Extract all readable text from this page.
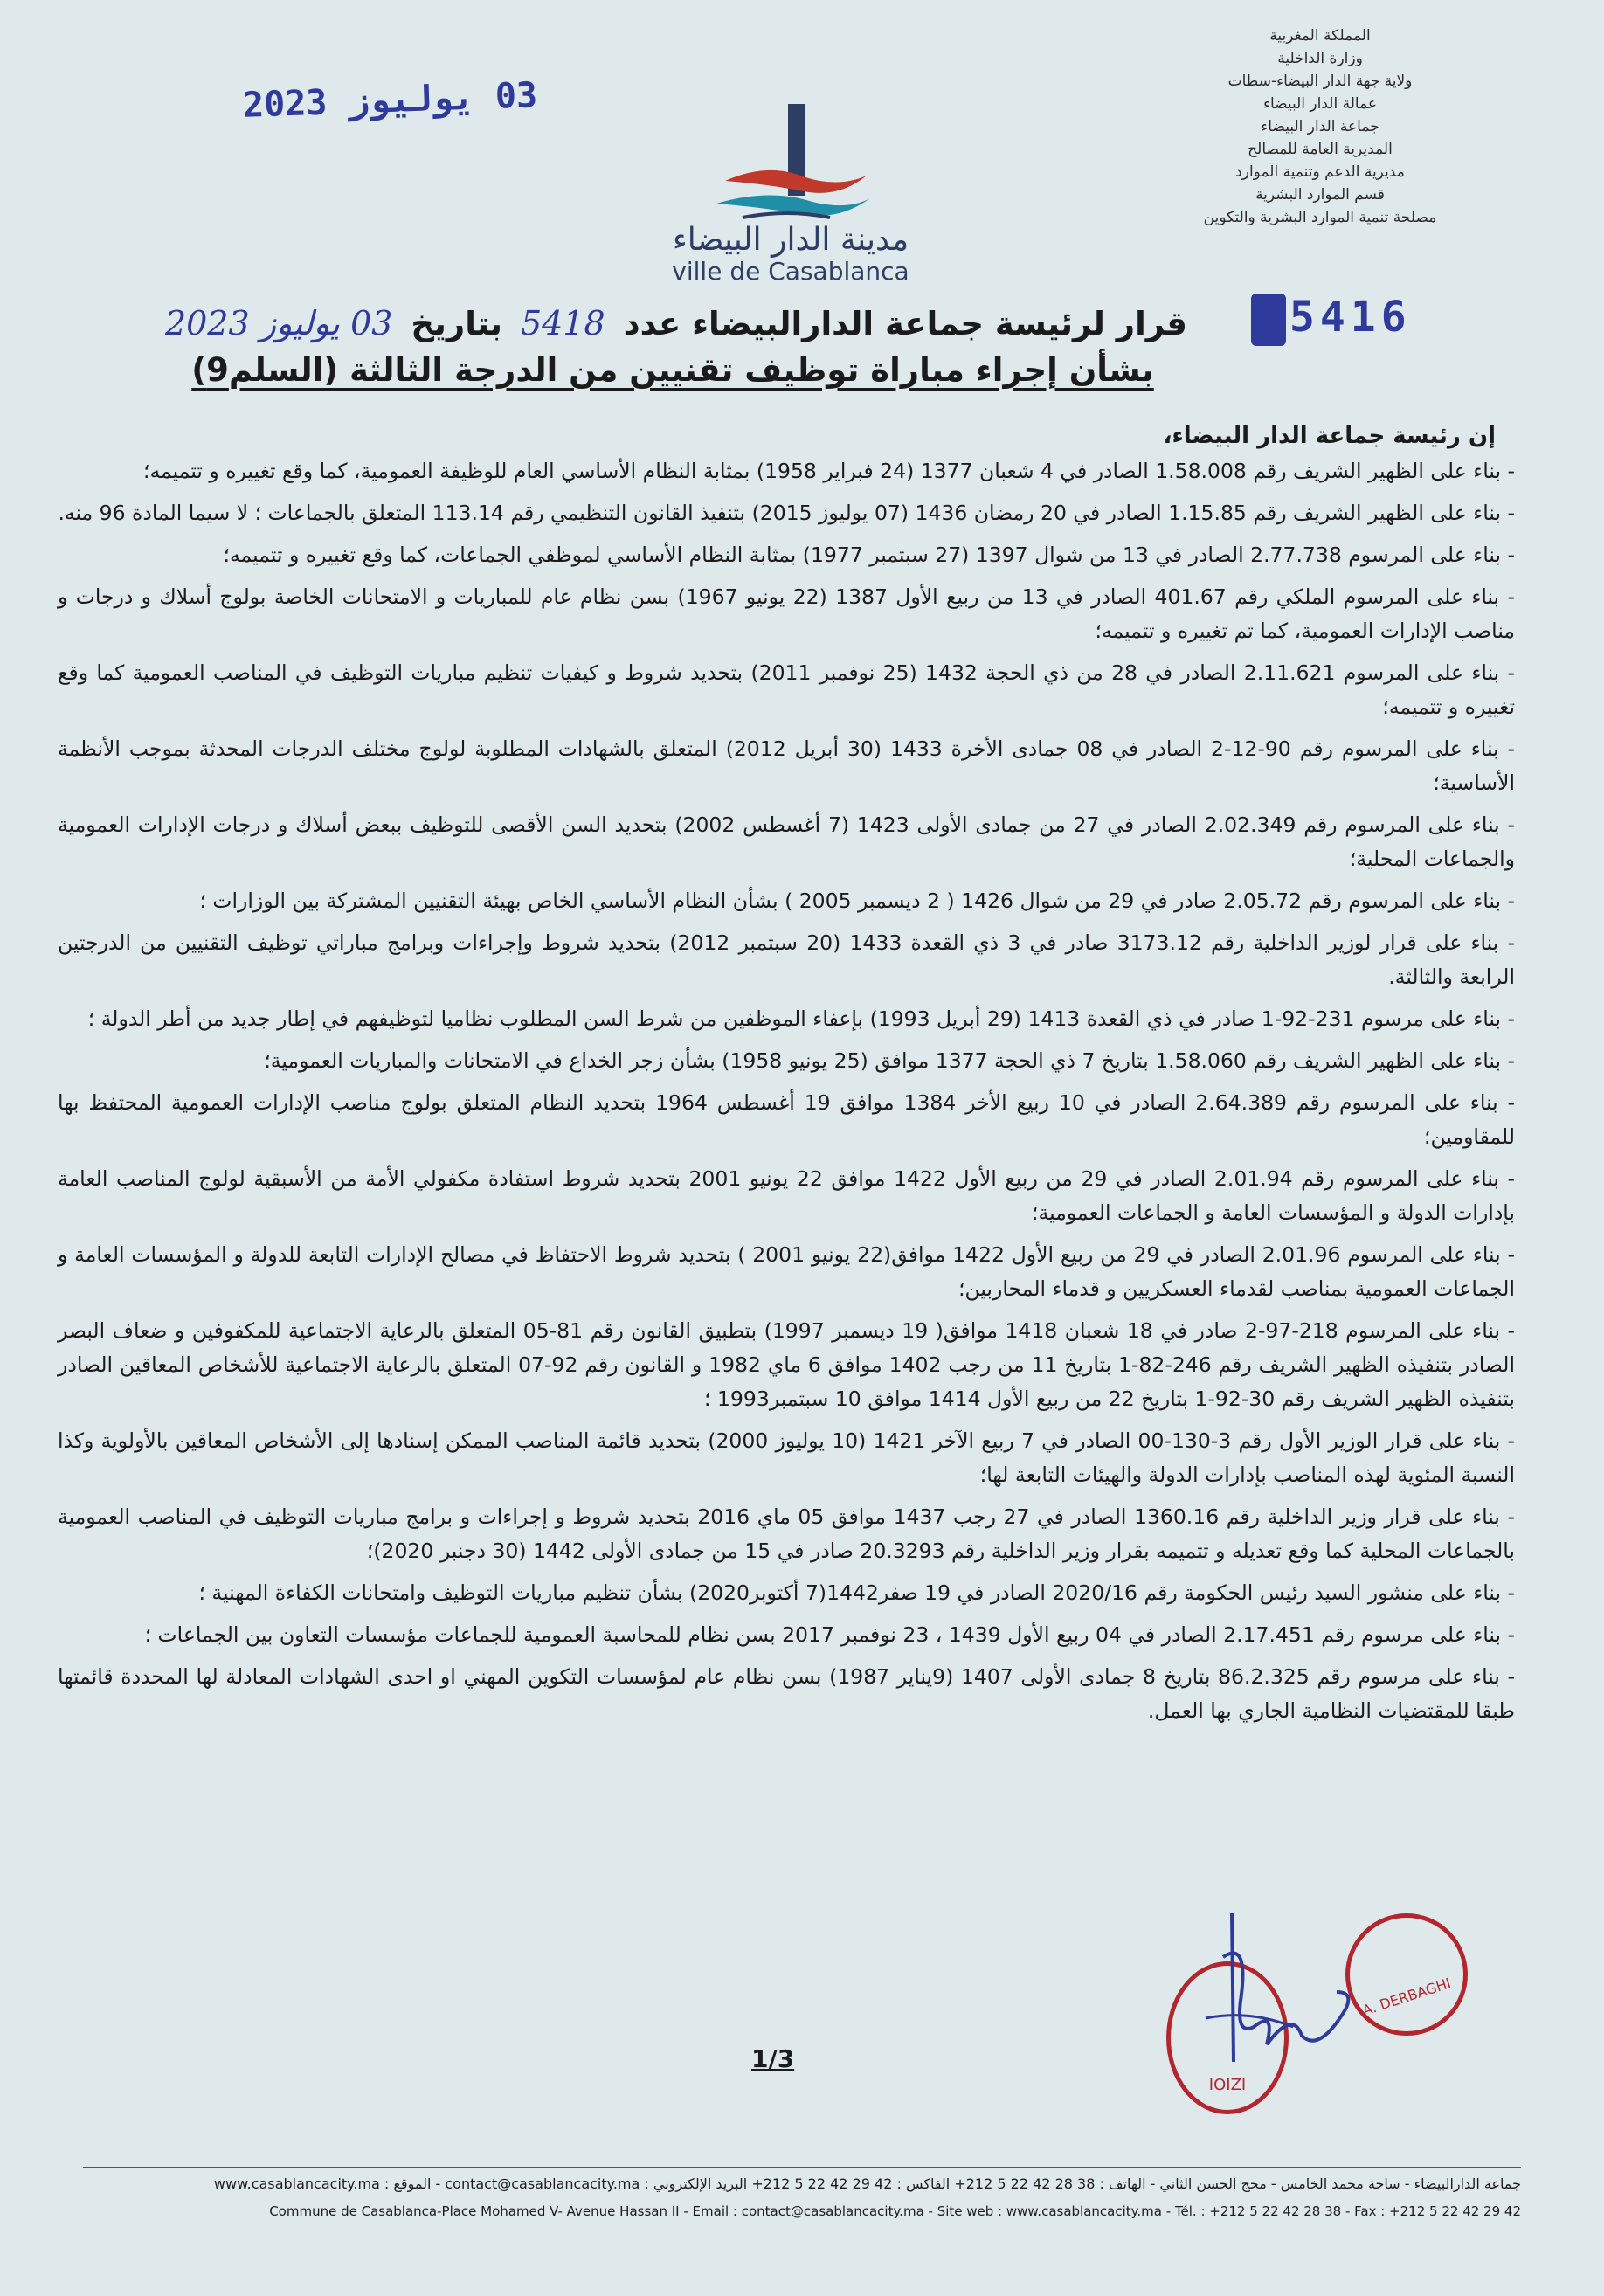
المملكة المغربية
وزارة الداخلية
ولاية جهة الدار البيضاء-سطات
عمالة الدار البيضاء
جماعة الدار البيضاء
المديرية العامة للمصالح
مديرية الدعم وتنمية الموارد
قسم الموارد البشرية
مصلحة تنمية الموارد البشرية والتكوين
03 يوليوز 2023
مدينة الدار البيضاء
ville de Casablanca
5416
قرار لرئيسة جماعة الدارالبيضاء عدد 5418 بتاريخ 03 يوليوز 2023
بشأن إجراء مباراة توظيف تقنيين من الدرجة الثالثة (السلم9)
إن رئيسة جماعة الدار البيضاء،

- بناء على الظهير الشريف رقم 1.58.008 الصادر في 4 شعبان 1377 (24 فبراير 1958) بمثابة النظام الأساسي العام للوظيفة العمومية، كما وقع تغييره و تتميمه؛

- بناء على الظهير الشريف رقم 1.15.85 الصادر في 20 رمضان 1436 (07 يوليوز 2015) بتنفيذ القانون التنظيمي رقم 113.14 المتعلق بالجماعات ؛ لا سيما المادة 96 منه.

- بناء على المرسوم 2.77.738 الصادر في 13 من شوال 1397 (27 سبتمبر 1977) بمثابة النظام الأساسي لموظفي الجماعات، كما وقع تغييره و تتميمه؛

- بناء على المرسوم الملكي رقم 401.67 الصادر في 13 من ربيع الأول 1387 (22 يونيو 1967) بسن نظام عام للمباريات و الامتحانات الخاصة بولوج أسلاك و درجات و مناصب الإدارات العمومية، كما تم تغييره و تتميمه؛

- بناء على المرسوم 2.11.621 الصادر في 28 من ذي الحجة 1432 (25 نوفمبر 2011) بتحديد شروط و كيفيات تنظيم مباريات التوظيف في المناصب العمومية كما وقع تغييره و تتميمه؛

- بناء على المرسوم رقم 90-12-2 الصادر في 08 جمادى الأخرة 1433 (30 أبريل 2012) المتعلق بالشهادات المطلوبة لولوج مختلف الدرجات المحدثة بموجب الأنظمة الأساسية؛

- بناء على المرسوم رقم 2.02.349 الصادر في 27 من جمادى الأولى 1423 (7 أغسطس 2002) بتحديد السن الأقصى للتوظيف ببعض أسلاك و درجات الإدارات العمومية والجماعات المحلية؛

- بناء على المرسوم رقم 2.05.72 صادر في 29 من شوال 1426 ( 2 ديسمبر 2005 ) بشأن النظام الأساسي الخاص بهيئة التقنيين المشتركة بين الوزارات ؛

- بناء على قرار لوزير الداخلية رقم 3173.12 صادر في 3 ذي القعدة 1433 (20 سبتمبر 2012) بتحديد شروط وإجراءات وبرامج مباراتي توظيف التقنيين من الدرجتين الرابعة والثالثة.

- بناء على مرسوم 231-92-1 صادر في ذي القعدة 1413 (29 أبريل 1993) بإعفاء الموظفين من شرط السن المطلوب نظاميا لتوظيفهم في إطار جديد من أطر الدولة ؛

- بناء على الظهير الشريف رقم 1.58.060 بتاريخ 7 ذي الحجة 1377 موافق (25 يونيو 1958) بشأن زجر الخداع في الامتحانات والمباريات العمومية؛

- بناء على المرسوم رقم 2.64.389 الصادر في 10 ربيع الأخر 1384 موافق 19 أغسطس 1964 بتحديد النظام المتعلق بولوج مناصب الإدارات العمومية المحتفظ بها للمقاومين؛

- بناء على المرسوم رقم 2.01.94 الصادر في 29 من ربيع الأول 1422 موافق 22 يونيو 2001 بتحديد شروط استفادة مكفولي الأمة من الأسبقية لولوج المناصب العامة بإدارات الدولة و المؤسسات العامة و الجماعات العمومية؛

- بناء على المرسوم 2.01.96 الصادر في 29 من ربيع الأول 1422 موافق(22 يونيو 2001 ) بتحديد شروط الاحتفاظ في مصالح الإدارات التابعة للدولة و المؤسسات العامة و الجماعات العمومية بمناصب لقدماء العسكريين و قدماء المحاربين؛

- بناء على المرسوم 218-97-2 صادر في 18 شعبان 1418 موافق( 19 ديسمبر 1997) بتطبيق القانون رقم 81-05 المتعلق بالرعاية الاجتماعية للمكفوفين و ضعاف البصر الصادر بتنفيذه الظهير الشريف رقم 246-82-1 بتاريخ 11 من رجب 1402 موافق 6 ماي 1982 و القانون رقم 92-07 المتعلق بالرعاية الاجتماعية للأشخاص المعاقين الصادر بتنفيذه الظهير الشريف رقم 30-92-1 بتاريخ 22 من ربيع الأول 1414 موافق 10 سبتمبر1993 ؛

- بناء على قرار الوزير الأول رقم 3-130-00 الصادر في 7 ربيع الآخر 1421 (10 يوليوز 2000) بتحديد قائمة المناصب الممكن إسنادها إلى الأشخاص المعاقين بالأولوية وكذا النسبة المئوية لهذه المناصب بإدارات الدولة والهيئات التابعة لها؛

- بناء على قرار وزير الداخلية رقم 1360.16 الصادر في 27 رجب 1437 موافق 05 ماي 2016 بتحديد شروط و إجراءات و برامج مباريات التوظيف في المناصب العمومية بالجماعات المحلية كما وقع تعديله و تتميمه بقرار وزير الداخلية رقم 20.3293 صادر في 15 من جمادى الأولى 1442 (30 دجنبر 2020)؛

- بناء على منشور السيد رئيس الحكومة رقم 2020/16 الصادر في 19 صفر1442(7 أكتوبر2020) بشأن تنظيم مباريات التوظيف وامتحانات الكفاءة المهنية ؛

- بناء على مرسوم رقم 2.17.451 الصادر في 04 ربيع الأول 1439 ، 23 نوفمبر 2017 بسن نظام للمحاسبة العمومية للجماعات مؤسسات التعاون بين الجماعات ؛

- بناء على مرسوم رقم 86.2.325 بتاريخ 8 جمادى الأولى 1407 (9يناير 1987) بسن نظام عام لمؤسسات التكوين المهني او احدى الشهادات المعادلة لها المحددة قائمتها طبقا للمقتضيات النظامية الجاري بها العمل.

IOIZI
A. DERBAGHI
1/3
جماعة الدارالبيضاء - ساحة محمد الخامس - محج الحسن الثاني - الهاتف : 38 28 42 22 5 212+ الفاكس : 42 29 42 22 5 212+ البريد الإلكتروني : contact@casablancacity.ma - الموقع : www.casablancacity.ma
Commune de Casablanca-Place Mohamed V- Avenue Hassan II - Email : contact@casablancacity.ma - Site web : www.casablancacity.ma - Tél. : +212 5 22 42 28 38 - Fax : +212 5 22 42 29 42
